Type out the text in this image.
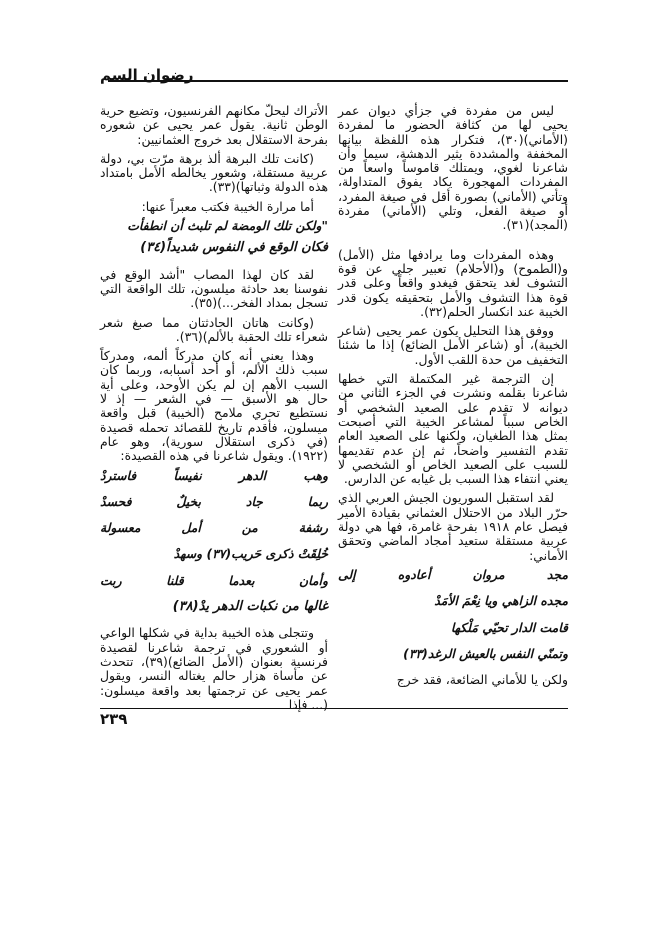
رضوان السم

ليس من مفردة في جزأي ديوان عمر يحيى لها من كثافة الحضور ما لمفردة (الأماني)(٣٠)، فتكرار هذه اللفظة بيانها المخففة والمشددة يثير الدهشة، سيما وأن شاعرنا لغوي، ويمتلك قاموساً واسعاً من المفردات المهجورة يكاد يفوق المتداولة، وتأتي (الأماني) بصورة أقل في صيغة المفرد، أو صيغة الفعل، وتلي (الأماني) مفردة (المجد)(٣١).

وهذه المفردات وما يرادفها مثل (الأمل) و(الطموح) و(الأحلام) تعبير جلي عن قوة التشوف لغد يتحقق فيغدو واقعاً وعلى قدر قوة هذا التشوف والأمل بتحقيقه يكون قدر الخيبة عند انكسار الحلم(٣٢).

ووفق هذا التحليل يكون عمر يحيى (شاعر الخيبة)، أو (شاعر الأمل الضائع) إذا ما شئنا التخفيف من حدة اللقب الأول.

إن الترجمة غير المكتملة التي خطها شاعرنا بقلمه ونشرت في الجزء الثاني من ديوانه لا تقدم على الصعيد الشخصي أو الخاص سبباً لمشاعر الخيبة التي أصبحت بمثل هذا الطغيان، ولكنها على الصعيد العام تقدم التفسير واضحاً، ثم إن عدم تقديمها للسبب على الصعيد الخاص أو الشخصي لا يعني انتفاء هذا السبب بل غيابه عن الدارس.

لقد استقبل السوريون الجيش العربي الذي حرّر البلاد من الاحتلال العثماني بقيادة الأمير فيصل عام ١٩١٨ بفرحة غامرة، فها هي دولة عربية مستقلة ستعيد أمجاد الماضي وتحقق الأماني:

مجد
مروان
أعادوه
إلى
مجده الزاهي ويا نِعْمَ الأمَدْ
قامت الدار تحيّي مَلْكها
وتمنّي النفس بالعيش الرغد(٣٣)

ولكن يا للأماني الضائعة، فقد خرج

الأتراك ليحلّ مكانهم الفرنسيون، وتضيع حرية الوطن ثانية. يقول عمر يحيى عن شعوره بفرحة الاستقلال بعد خروج العثمانيين:

(كانت تلك البرهة ألذ برهة مرّت بي، دولة عربية مستقلة، وشعور يخالطه الأمل بامتداد هذه الدولة وثباتها)(٣٣).

أما مرارة الخيبة فكتب معبراً عنها:

"ولكن تلك الومضة لم تلبث أن انطفأت

فكان الوقع في النفوس شديداً(٣٤)

لقد كان لهذا المصاب "أشد الوقع في نفوسنا بعد حادثة ميلسون، تلك الواقعة التي تسجل بمداد الفخر...)(٣٥).

(وكانت هاتان الحادثتان مما صبغ شعر شعراء تلك الحقبة بالألم)(٣٦).

وهذا يعني أنه كان مدركاً ألمه، ومدركاً سبب ذلك الألم، أو أحد أسبابه، وربما كان السبب الأهم إن لم يكن الأوحد، وعلى أية حال هو الأسبق — في الشعر — إذ لا نستطيع تحري ملامح (الخيبة) قبل واقعة ميسلون، فأقدم تاريخ للقصائد تحمله قصيدة (في ذكرى استقلال سورية)، وهو عام (١٩٢٢). ويقول شاعرنا في هذه القصيدة:

وهب
الدهر
نفيساً
فاستردْ
ربما
جاد
بخيلٌ
فحسدْ
رشفة
من
أمل
معسولة
خُلِقَتْ ذكرى حَريب(٣٧) وسهدْ
وأمان
بعدما
قلنا
ربت

غالها من نكبات الدهر يدْ(٣٨)

وتتجلى هذه الخيبة بداية في شكلها الواعي أو الشعوري في ترجمة شاعرنا لقصيدة فرنسية بعنوان (الأمل الضائع)(٣٩)، تتحدث عن مأساة هزار حالم يغتاله النسر، ويقول عمر يحيى عن ترجمتها بعد واقعة ميسلون: (... فإذا

٢٣٩
